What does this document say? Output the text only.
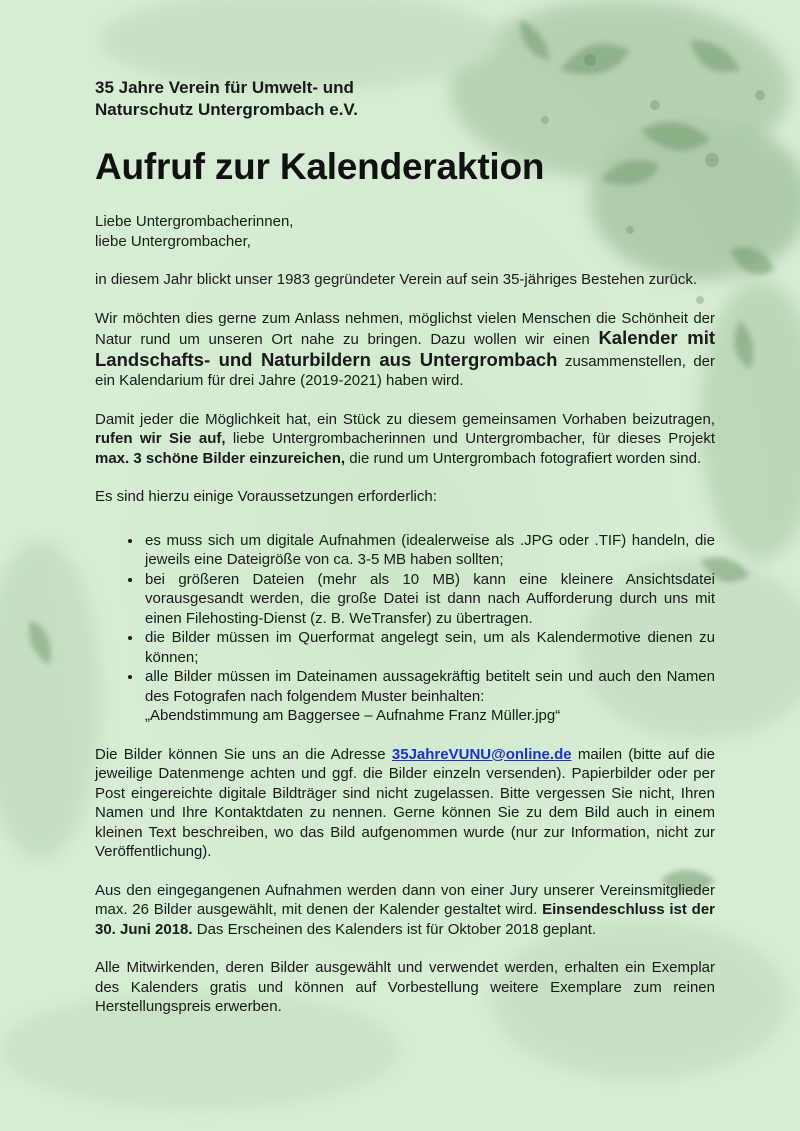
35 Jahre Verein für Umwelt- und
Naturschutz Untergrombach e.V.
Aufruf zur Kalenderaktion

Liebe Untergrombacherinnen,
liebe Untergrombacher,

in diesem Jahr blickt unser 1983 gegründeter Verein auf sein 35-jähriges Bestehen zurück.

Wir möchten dies gerne zum Anlass nehmen, möglichst vielen Menschen die Schönheit der Natur rund um unseren Ort nahe zu bringen. Dazu wollen wir einen Kalender mit Landschafts- und Naturbildern aus Untergrombach zusammenstellen, der ein Kalendarium für drei Jahre (2019-2021) haben wird.

Damit jeder die Möglichkeit hat, ein Stück zu diesem gemeinsamen Vorhaben beizutragen, rufen wir Sie auf, liebe Untergrombacherinnen und Untergrombacher, für dieses Projekt max. 3 schöne Bilder einzureichen, die rund um Untergrombach fotografiert worden sind.

Es sind hierzu einige Voraussetzungen erforderlich:

• es muss sich um digitale Aufnahmen (idealerweise als .JPG oder .TIF) handeln, die jeweils eine Dateigröße von ca. 3-5 MB haben sollten;
• bei größeren Dateien (mehr als 10 MB) kann eine kleinere Ansichtsdatei vorausgesandt werden, die große Datei ist dann nach Aufforderung durch uns mit einen Filehosting-Dienst (z. B. WeTransfer) zu übertragen.
• die Bilder müssen im Querformat angelegt sein, um als Kalendermotive dienen zu können;
• alle Bilder müssen im Dateinamen aussagekräftig betitelt sein und auch den Namen des Fotografen nach folgendem Muster beinhalten:
„Abendstimmung am Baggersee – Aufnahme Franz Müller.jpg“

Die Bilder können Sie uns an die Adresse 35JahreVUNU@online.de mailen (bitte auf die jeweilige Datenmenge achten und ggf. die Bilder einzeln versenden). Papierbilder oder per Post eingereichte digitale Bildträger sind nicht zugelassen. Bitte vergessen Sie nicht, Ihren Namen und Ihre Kontaktdaten zu nennen. Gerne können Sie zu dem Bild auch in einem kleinen Text beschreiben, wo das Bild aufgenommen wurde (nur zur Information, nicht zur Veröffentlichung).

Aus den eingegangenen Aufnahmen werden dann von einer Jury unserer Vereinsmitglieder max. 26 Bilder ausgewählt, mit denen der Kalender gestaltet wird. Einsendeschluss ist der 30. Juni 2018. Das Erscheinen des Kalenders ist für Oktober 2018 geplant.

Alle Mitwirkenden, deren Bilder ausgewählt und verwendet werden, erhalten ein Exemplar des Kalenders gratis und können auf Vorbestellung weitere Exemplare zum reinen Herstellungspreis erwerben.
